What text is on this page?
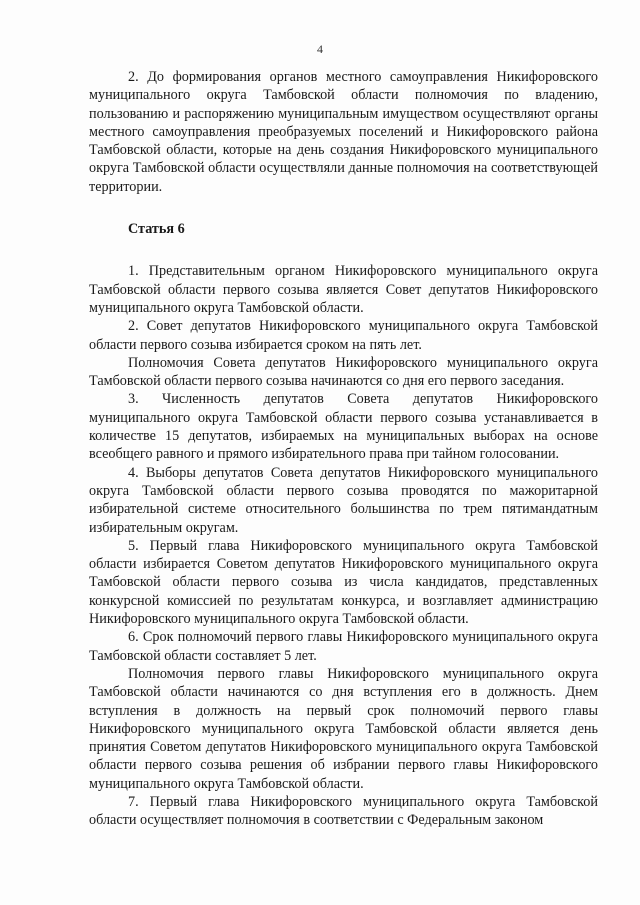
4

2. До формирования органов местного самоуправления Никифоровского муниципального округа Тамбовской области полномочия по владению, пользованию и распоряжению муниципальным имуществом осуществляют органы местного самоуправления преобразуемых поселений и Никифоровского района Тамбовской области, которые на день создания Никифоровского муниципального округа Тамбовской области осуществляли данные полномочия на соответствующей территории.

Статья 6

1. Представительным органом Никифоровского муниципального округа Тамбовской области первого созыва является Совет депутатов Никифоровского муниципального округа Тамбовской области.

2. Совет депутатов Никифоровского муниципального округа Тамбовской области первого созыва избирается сроком на пять лет.

Полномочия Совета депутатов Никифоровского муниципального округа Тамбовской области первого созыва начинаются со дня его первого заседания.

3. Численность депутатов Совета депутатов Никифоровского муниципального округа Тамбовской области первого созыва устанавливается в количестве 15 депутатов, избираемых на муниципальных выборах на основе всеобщего равного и прямого избирательного права при тайном голосовании.

4. Выборы депутатов Совета депутатов Никифоровского муниципального округа Тамбовской области первого созыва проводятся по мажоритарной избирательной системе относительного большинства по трем пятимандатным избирательным округам.

5. Первый глава Никифоровского муниципального округа Тамбовской области избирается Советом депутатов Никифоровского муниципального округа Тамбовской области первого созыва из числа кандидатов, представленных конкурсной комиссией по результатам конкурса, и возглавляет администрацию Никифоровского муниципального округа Тамбовской области.

6. Срок полномочий первого главы Никифоровского муниципального округа Тамбовской области составляет 5 лет.

Полномочия первого главы Никифоровского муниципального округа Тамбовской области начинаются со дня вступления его в должность. Днем вступления в должность на первый срок полномочий первого главы Никифоровского муниципального округа Тамбовской области является день принятия Советом депутатов Никифоровского муниципального округа Тамбовской области первого созыва решения об избрании первого главы Никифоровского муниципального округа Тамбовской области.

7. Первый глава Никифоровского муниципального округа Тамбовской области осуществляет полномочия в соответствии с Федеральным законом
